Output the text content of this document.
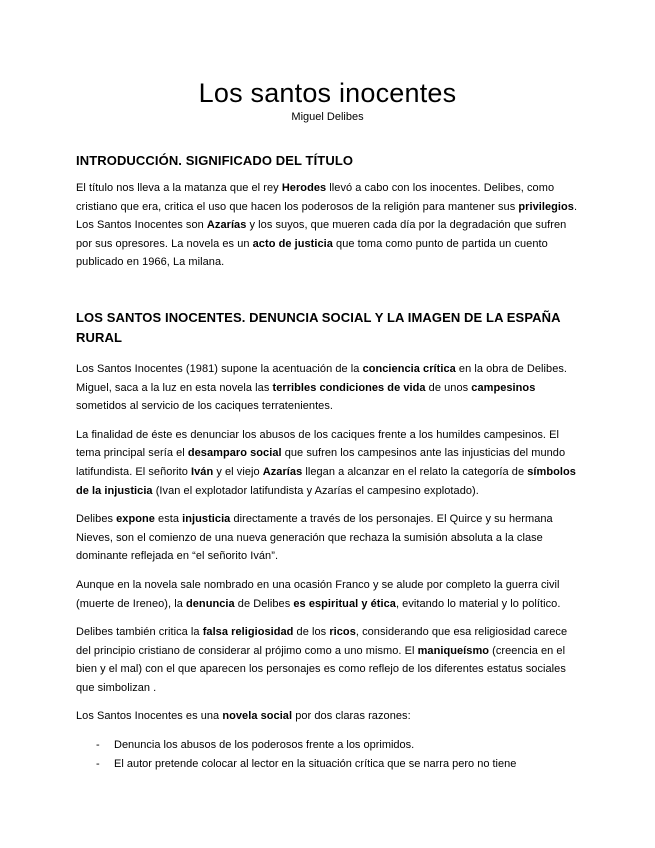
Los santos inocentes
Miguel Delibes
INTRODUCCIÓN. SIGNIFICADO DEL TÍTULO

El título nos lleva a la matanza que el rey Herodes llevó a cabo con los inocentes. Delibes, como cristiano que era, critica el uso que hacen los poderosos de la religión para mantener sus privilegios. Los Santos Inocentes son Azarías y los suyos, que mueren cada día por la degradación que sufren por sus opresores. La novela es un acto de justicia que toma como punto de partida un cuento publicado en 1966, La milana.

LOS SANTOS INOCENTES. DENUNCIA SOCIAL Y LA IMAGEN DE LA ESPAÑA RURAL

Los Santos Inocentes (1981) supone la acentuación de la conciencia crítica en la obra de Delibes. Miguel, saca a la luz en esta novela las terribles condiciones de vida de unos campesinos sometidos al servicio de los caciques terratenientes.

La finalidad de éste es denunciar los abusos de los caciques frente a los humildes campesinos. El tema principal sería el desamparo social que sufren los campesinos ante las injusticias del mundo latifundista. El señorito Iván y el viejo Azarías llegan a alcanzar en el relato la categoría de símbolos de la injusticia (Ivan el explotador latifundista y Azarías el campesino explotado).

Delibes expone esta injusticia directamente a través de los personajes. El Quirce y su hermana Nieves, son el comienzo de una nueva generación que rechaza la sumisión absoluta a la clase dominante reflejada en “el señorito Iván”.

Aunque en la novela sale nombrado en una ocasión Franco y se alude por completo la guerra civil (muerte de Ireneo), la denuncia de Delibes es espiritual y ética, evitando lo material y lo político.

Delibes también critica la falsa religiosidad de los ricos, considerando que esa religiosidad carece del principio cristiano de considerar al prójimo como a uno mismo. El maniqueísmo (creencia en el bien y el mal) con el que aparecen los personajes es como reflejo de los diferentes estatus sociales que simbolizan .

Los Santos Inocentes es una novela social por dos claras razones:

- Denuncia los abusos de los poderosos frente a los oprimidos.
- El autor pretende colocar al lector en la situación crítica que se narra pero no tiene
